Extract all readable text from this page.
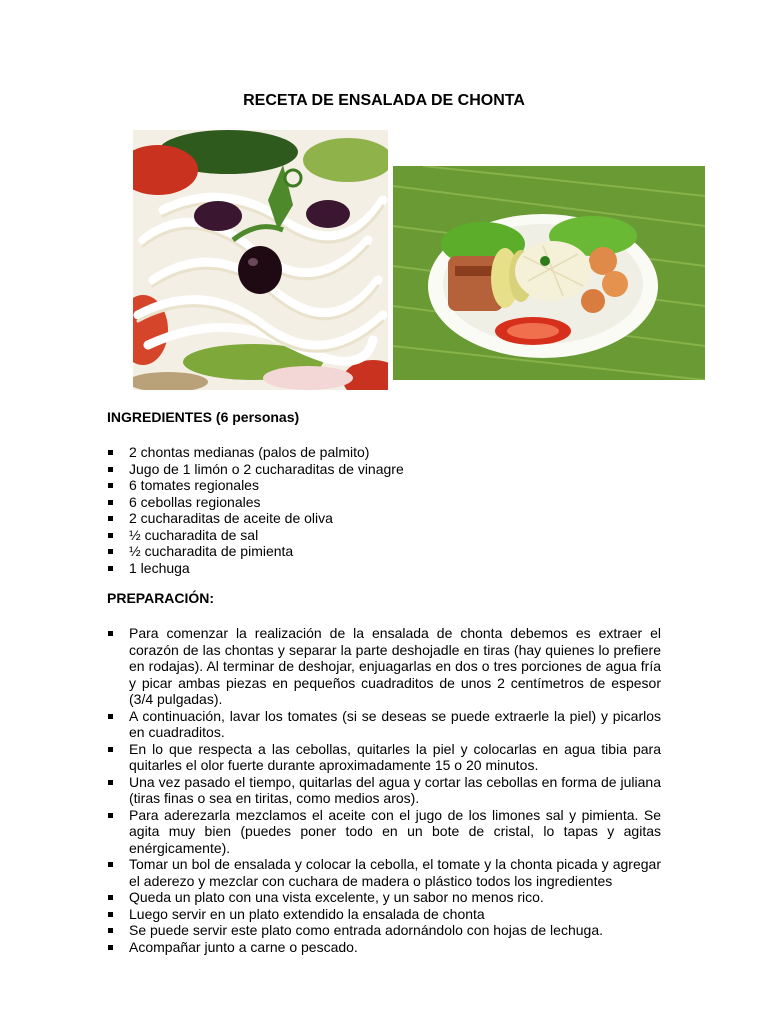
RECETA DE ENSALADA DE CHONTA
INGREDIENTES (6 personas)
2 chontas medianas (palos de palmito)
Jugo de 1 limón o 2 cucharaditas de vinagre
6 tomates regionales
6 cebollas regionales
2 cucharaditas de aceite de oliva
½ cucharadita de sal
½ cucharadita de pimienta
1 lechuga
PREPARACIÓN:
Para comenzar la realización de la ensalada de chonta debemos es extraer el corazón de las chontas y separar la parte deshojadle en tiras (hay quienes lo prefiere en rodajas). Al terminar de deshojar, enjuagarlas en dos o tres porciones de agua fría y picar ambas piezas en pequeños cuadraditos de unos 2 centímetros de espesor (3/4 pulgadas).
A continuación, lavar los tomates (si se deseas se puede extraerle la piel) y picarlos en cuadraditos.
En lo que respecta a las cebollas, quitarles la piel y colocarlas en agua tibia para quitarles el olor fuerte durante aproximadamente 15 o 20 minutos.
Una vez pasado el tiempo, quitarlas del agua y cortar las cebollas en forma de juliana (tiras finas o sea en tiritas, como medios aros).
Para aderezarla mezclamos el aceite con el jugo de los limones sal y pimienta. Se agita muy bien (puedes poner todo en un bote de cristal, lo tapas y agitas enérgicamente).
Tomar un bol de ensalada y colocar la cebolla, el tomate y la chonta picada y agregar el aderezo y mezclar con cuchara de madera o plástico todos los ingredientes
Queda un plato con una vista excelente, y un sabor no menos rico.
Luego servir en un plato extendido la ensalada de chonta
Se puede servir este plato como entrada adornándolo con hojas de lechuga.
Acompañar junto a carne o pescado.
